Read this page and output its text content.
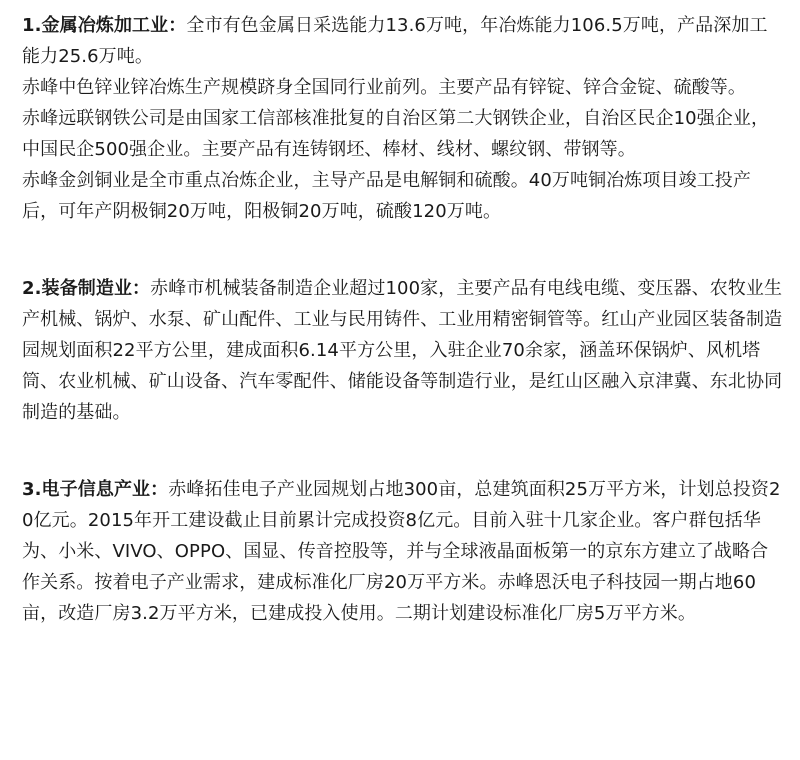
1.金属冶炼加工业：全市有色金属日采选能力13.6万吨，年冶炼能力106.5万吨，产品深加工能力25.6万吨。

赤峰中色锌业锌冶炼生产规模跻身全国同行业前列。主要产品有锌锭、锌合金锭、硫酸等。

赤峰远联钢铁公司是由国家工信部核准批复的自治区第二大钢铁企业，自治区民企10强企业，中国民企500强企业。主要产品有连铸钢坯、棒材、线材、螺纹钢、带钢等。

赤峰金剑铜业是全市重点冶炼企业，主导产品是电解铜和硫酸。40万吨铜冶炼项目竣工投产后，可年产阴极铜20万吨，阳极铜20万吨，硫酸120万吨。

2.装备制造业：赤峰市机械装备制造企业超过100家，主要产品有电线电缆、变压器、农牧业生产机械、锅炉、水泵、矿山配件、工业与民用铸件、工业用精密铜管等。红山产业园区装备制造园规划面积22平方公里，建成面积6.14平方公里，入驻企业70余家，涵盖环保锅炉、风机塔筒、农业机械、矿山设备、汽车零配件、储能设备等制造行业，是红山区融入京津冀、东北协同制造的基础。

3.电子信息产业：赤峰拓佳电子产业园规划占地300亩，总建筑面积25万平方米，计划总投资20亿元。2015年开工建设截止目前累计完成投资8亿元。目前入驻十几家企业。客户群包括华为、小米、VIVO、OPPO、国显、传音控股等，并与全球液晶面板第一的京东方建立了战略合作关系。按着电子产业需求，建成标准化厂房20万平方米。赤峰恩沃电子科技园一期占地60亩，改造厂房3.2万平方米，已建成投入使用。二期计划建设标准化厂房5万平方米。
